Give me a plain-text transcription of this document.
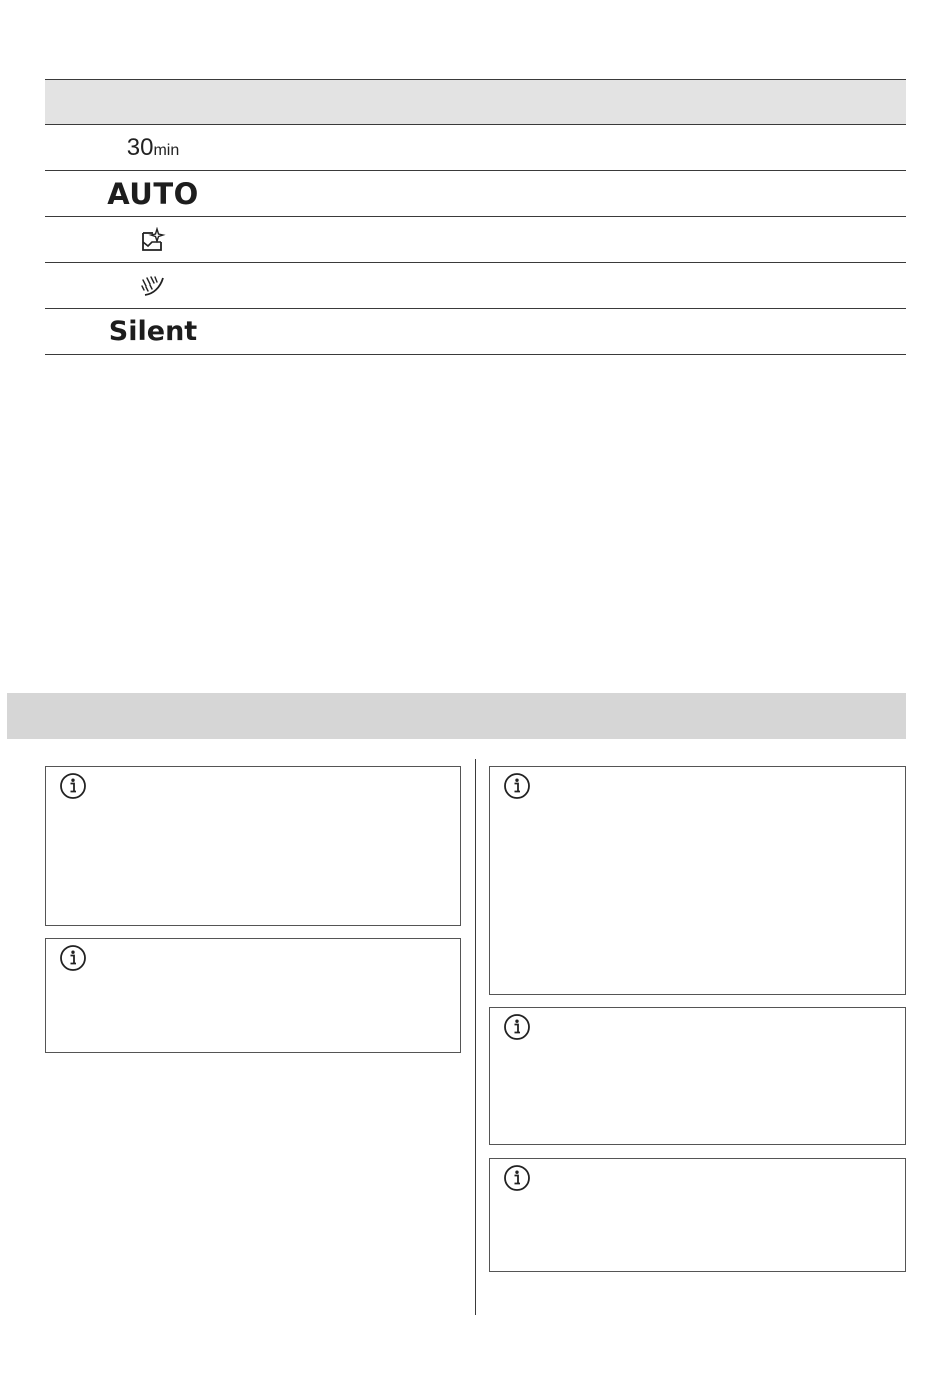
30min
AUTO
Silent
